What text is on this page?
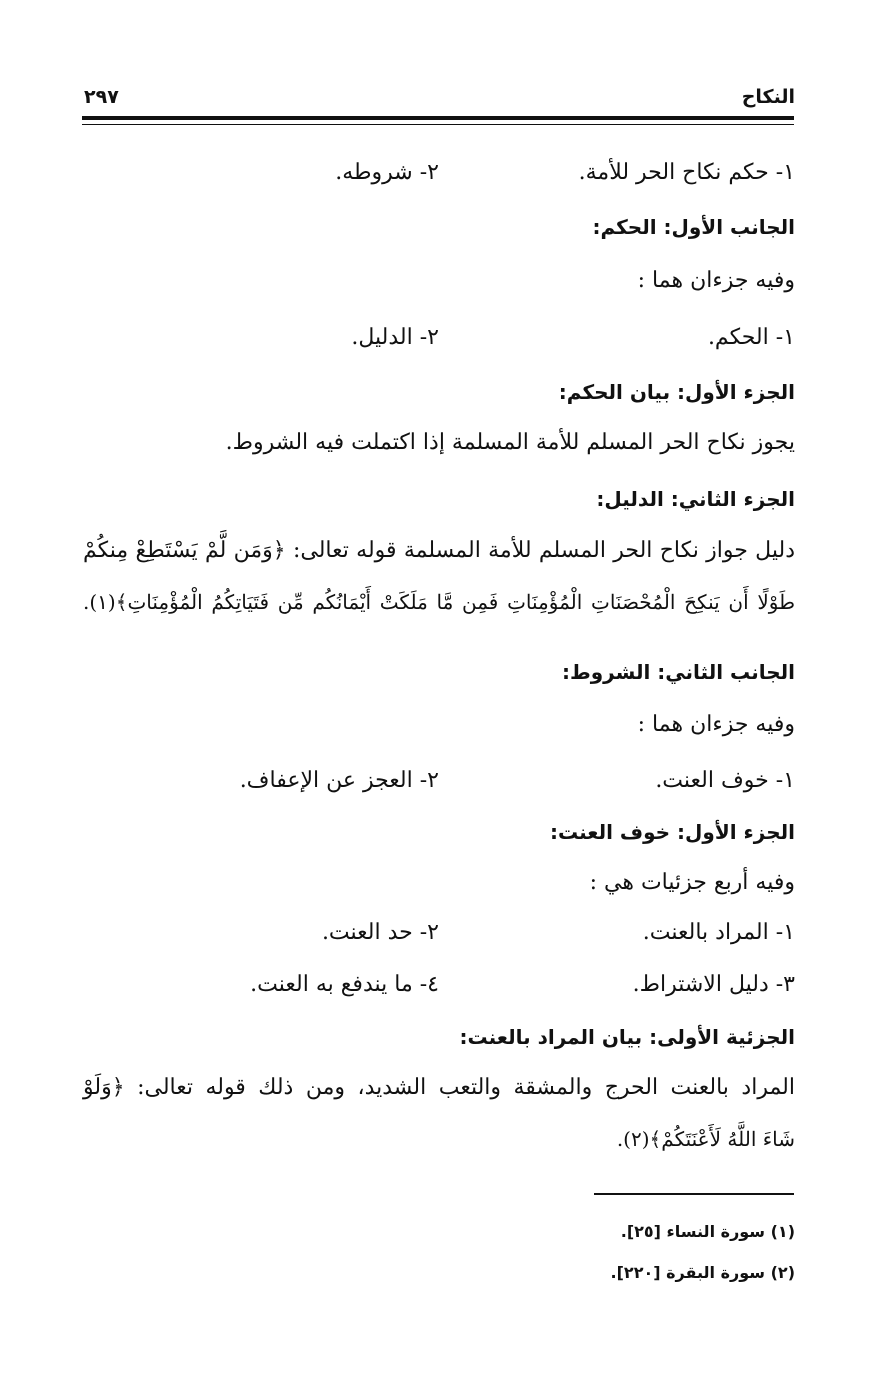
النكاح
٢٩٧
١- حكم نكاح الحر للأمة.
٢- شروطه.
الجانب الأول: الحكم:
وفيه جزءان هما :
١- الحكم.
٢- الدليل.
الجزء الأول: بيان الحكم:
يجوز نكاح الحر المسلم للأمة المسلمة إذا اكتملت فيه الشروط.
الجزء الثاني: الدليل:
دليل جواز نكاح الحر المسلم للأمة المسلمة قوله تعالى: ﴿وَمَن لَّمْ يَسْتَطِعْ مِنكُمْ
طَوْلًا أَن يَنكِحَ الْمُحْصَنَاتِ الْمُؤْمِنَاتِ فَمِن مَّا مَلَكَتْ أَيْمَانُكُم مِّن فَتَيَاتِكُمُ الْمُؤْمِنَاتِ﴾(١).
الجانب الثاني: الشروط:
وفيه جزءان هما :
١- خوف العنت.
٢- العجز عن الإعفاف.
الجزء الأول: خوف العنت:
وفيه أربع جزئيات هي :
١- المراد بالعنت.
٢- حد العنت.
٣- دليل الاشتراط.
٤- ما يندفع به العنت.
الجزئية الأولى: بيان المراد بالعنت:
المراد بالعنت الحرج والمشقة والتعب الشديد، ومن ذلك قوله تعالى: ﴿وَلَوْ
شَاءَ اللَّهُ لَأَعْنَتَكُمْ﴾(٢).
(١) سورة النساء [٢٥].
(٢) سورة البقرة [٢٢٠].
